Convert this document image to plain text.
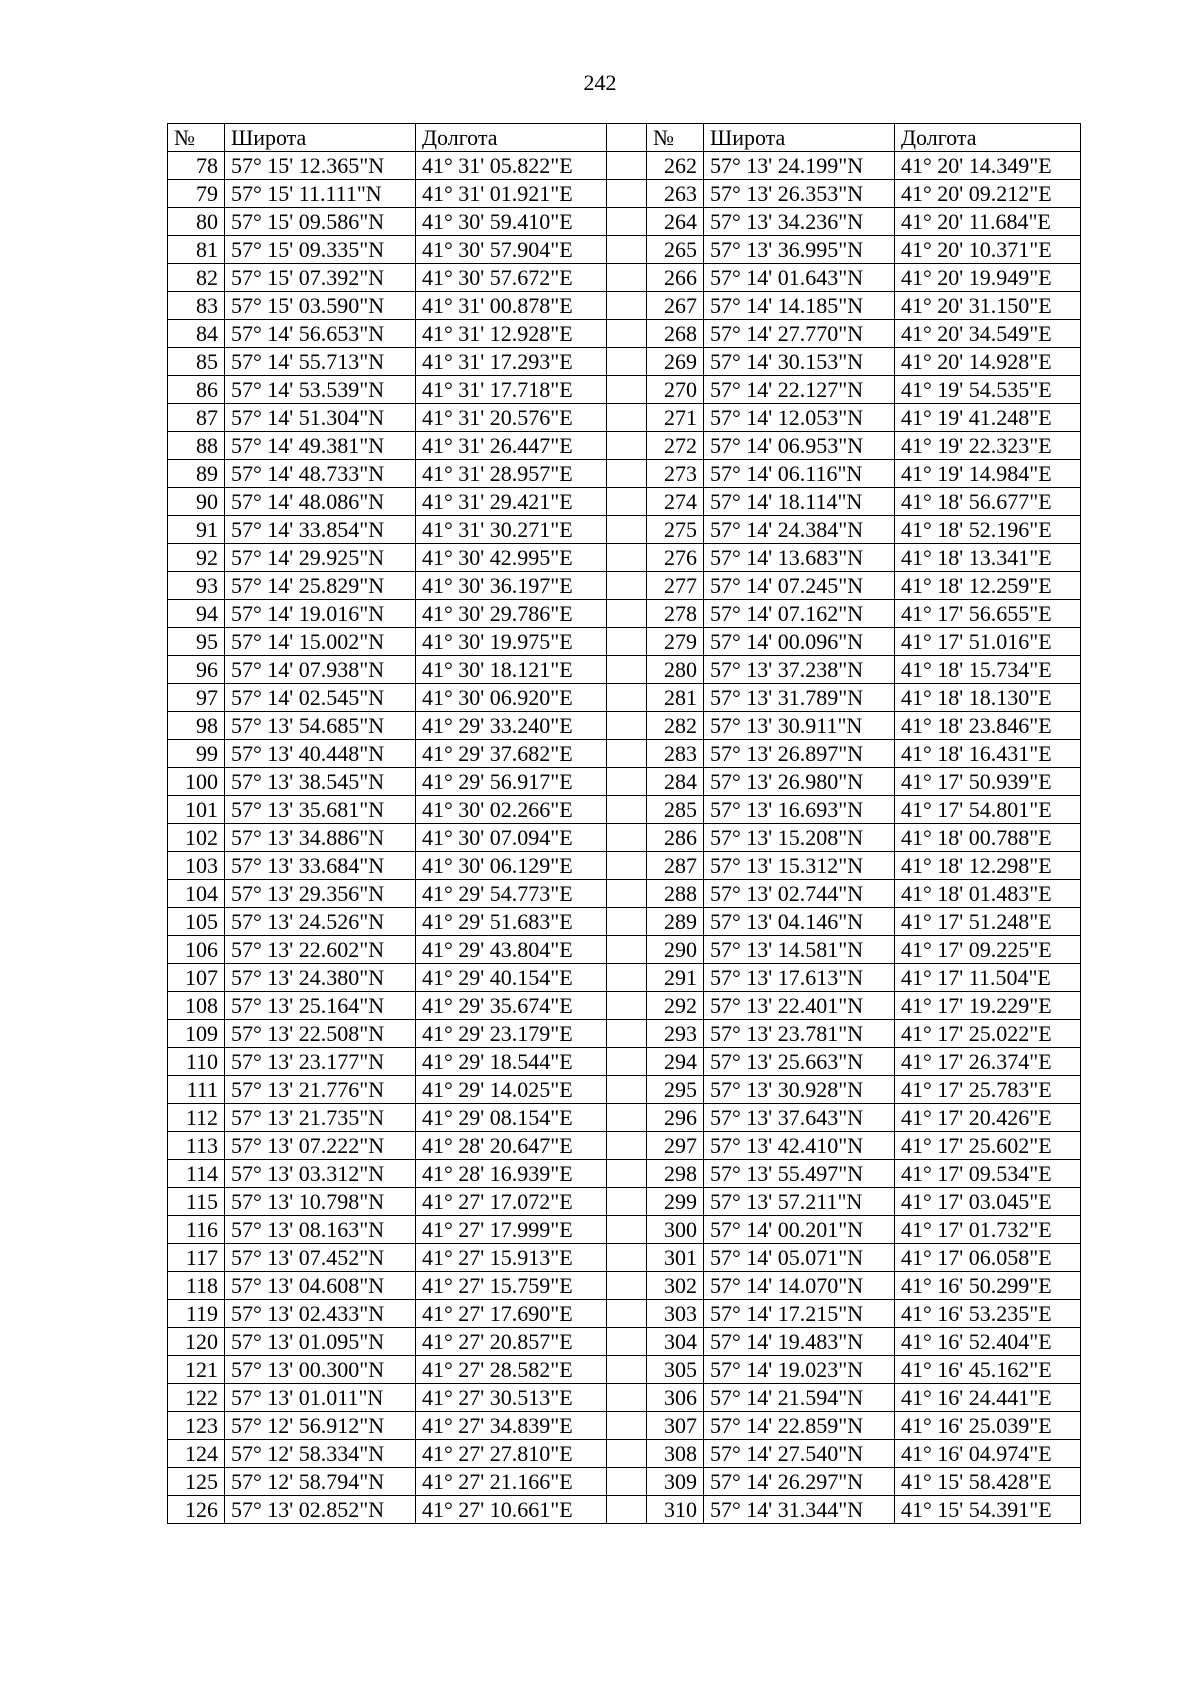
242
№	Широта	Долгота		№	Широта	Долгота
78	57° 15' 12.365"N	41° 31' 05.822"E		262	57° 13' 24.199"N	41° 20' 14.349"E
79	57° 15' 11.111"N	41° 31' 01.921"E		263	57° 13' 26.353"N	41° 20' 09.212"E
80	57° 15' 09.586"N	41° 30' 59.410"E		264	57° 13' 34.236"N	41° 20' 11.684"E
81	57° 15' 09.335"N	41° 30' 57.904"E		265	57° 13' 36.995"N	41° 20' 10.371"E
82	57° 15' 07.392"N	41° 30' 57.672"E		266	57° 14' 01.643"N	41° 20' 19.949"E
83	57° 15' 03.590"N	41° 31' 00.878"E		267	57° 14' 14.185"N	41° 20' 31.150"E
84	57° 14' 56.653"N	41° 31' 12.928"E		268	57° 14' 27.770"N	41° 20' 34.549"E
85	57° 14' 55.713"N	41° 31' 17.293"E		269	57° 14' 30.153"N	41° 20' 14.928"E
86	57° 14' 53.539"N	41° 31' 17.718"E		270	57° 14' 22.127"N	41° 19' 54.535"E
87	57° 14' 51.304"N	41° 31' 20.576"E		271	57° 14' 12.053"N	41° 19' 41.248"E
88	57° 14' 49.381"N	41° 31' 26.447"E		272	57° 14' 06.953"N	41° 19' 22.323"E
89	57° 14' 48.733"N	41° 31' 28.957"E		273	57° 14' 06.116"N	41° 19' 14.984"E
90	57° 14' 48.086"N	41° 31' 29.421"E		274	57° 14' 18.114"N	41° 18' 56.677"E
91	57° 14' 33.854"N	41° 31' 30.271"E		275	57° 14' 24.384"N	41° 18' 52.196"E
92	57° 14' 29.925"N	41° 30' 42.995"E		276	57° 14' 13.683"N	41° 18' 13.341"E
93	57° 14' 25.829"N	41° 30' 36.197"E		277	57° 14' 07.245"N	41° 18' 12.259"E
94	57° 14' 19.016"N	41° 30' 29.786"E		278	57° 14' 07.162"N	41° 17' 56.655"E
95	57° 14' 15.002"N	41° 30' 19.975"E		279	57° 14' 00.096"N	41° 17' 51.016"E
96	57° 14' 07.938"N	41° 30' 18.121"E		280	57° 13' 37.238"N	41° 18' 15.734"E
97	57° 14' 02.545"N	41° 30' 06.920"E		281	57° 13' 31.789"N	41° 18' 18.130"E
98	57° 13' 54.685"N	41° 29' 33.240"E		282	57° 13' 30.911"N	41° 18' 23.846"E
99	57° 13' 40.448"N	41° 29' 37.682"E		283	57° 13' 26.897"N	41° 18' 16.431"E
100	57° 13' 38.545"N	41° 29' 56.917"E		284	57° 13' 26.980"N	41° 17' 50.939"E
101	57° 13' 35.681"N	41° 30' 02.266"E		285	57° 13' 16.693"N	41° 17' 54.801"E
102	57° 13' 34.886"N	41° 30' 07.094"E		286	57° 13' 15.208"N	41° 18' 00.788"E
103	57° 13' 33.684"N	41° 30' 06.129"E		287	57° 13' 15.312"N	41° 18' 12.298"E
104	57° 13' 29.356"N	41° 29' 54.773"E		288	57° 13' 02.744"N	41° 18' 01.483"E
105	57° 13' 24.526"N	41° 29' 51.683"E		289	57° 13' 04.146"N	41° 17' 51.248"E
106	57° 13' 22.602"N	41° 29' 43.804"E		290	57° 13' 14.581"N	41° 17' 09.225"E
107	57° 13' 24.380"N	41° 29' 40.154"E		291	57° 13' 17.613"N	41° 17' 11.504"E
108	57° 13' 25.164"N	41° 29' 35.674"E		292	57° 13' 22.401"N	41° 17' 19.229"E
109	57° 13' 22.508"N	41° 29' 23.179"E		293	57° 13' 23.781"N	41° 17' 25.022"E
110	57° 13' 23.177"N	41° 29' 18.544"E		294	57° 13' 25.663"N	41° 17' 26.374"E
111	57° 13' 21.776"N	41° 29' 14.025"E		295	57° 13' 30.928"N	41° 17' 25.783"E
112	57° 13' 21.735"N	41° 29' 08.154"E		296	57° 13' 37.643"N	41° 17' 20.426"E
113	57° 13' 07.222"N	41° 28' 20.647"E		297	57° 13' 42.410"N	41° 17' 25.602"E
114	57° 13' 03.312"N	41° 28' 16.939"E		298	57° 13' 55.497"N	41° 17' 09.534"E
115	57° 13' 10.798"N	41° 27' 17.072"E		299	57° 13' 57.211"N	41° 17' 03.045"E
116	57° 13' 08.163"N	41° 27' 17.999"E		300	57° 14' 00.201"N	41° 17' 01.732"E
117	57° 13' 07.452"N	41° 27' 15.913"E		301	57° 14' 05.071"N	41° 17' 06.058"E
118	57° 13' 04.608"N	41° 27' 15.759"E		302	57° 14' 14.070"N	41° 16' 50.299"E
119	57° 13' 02.433"N	41° 27' 17.690"E		303	57° 14' 17.215"N	41° 16' 53.235"E
120	57° 13' 01.095"N	41° 27' 20.857"E		304	57° 14' 19.483"N	41° 16' 52.404"E
121	57° 13' 00.300"N	41° 27' 28.582"E		305	57° 14' 19.023"N	41° 16' 45.162"E
122	57° 13' 01.011"N	41° 27' 30.513"E		306	57° 14' 21.594"N	41° 16' 24.441"E
123	57° 12' 56.912"N	41° 27' 34.839"E		307	57° 14' 22.859"N	41° 16' 25.039"E
124	57° 12' 58.334"N	41° 27' 27.810"E		308	57° 14' 27.540"N	41° 16' 04.974"E
125	57° 12' 58.794"N	41° 27' 21.166"E		309	57° 14' 26.297"N	41° 15' 58.428"E
126	57° 13' 02.852"N	41° 27' 10.661"E		310	57° 14' 31.344"N	41° 15' 54.391"E
